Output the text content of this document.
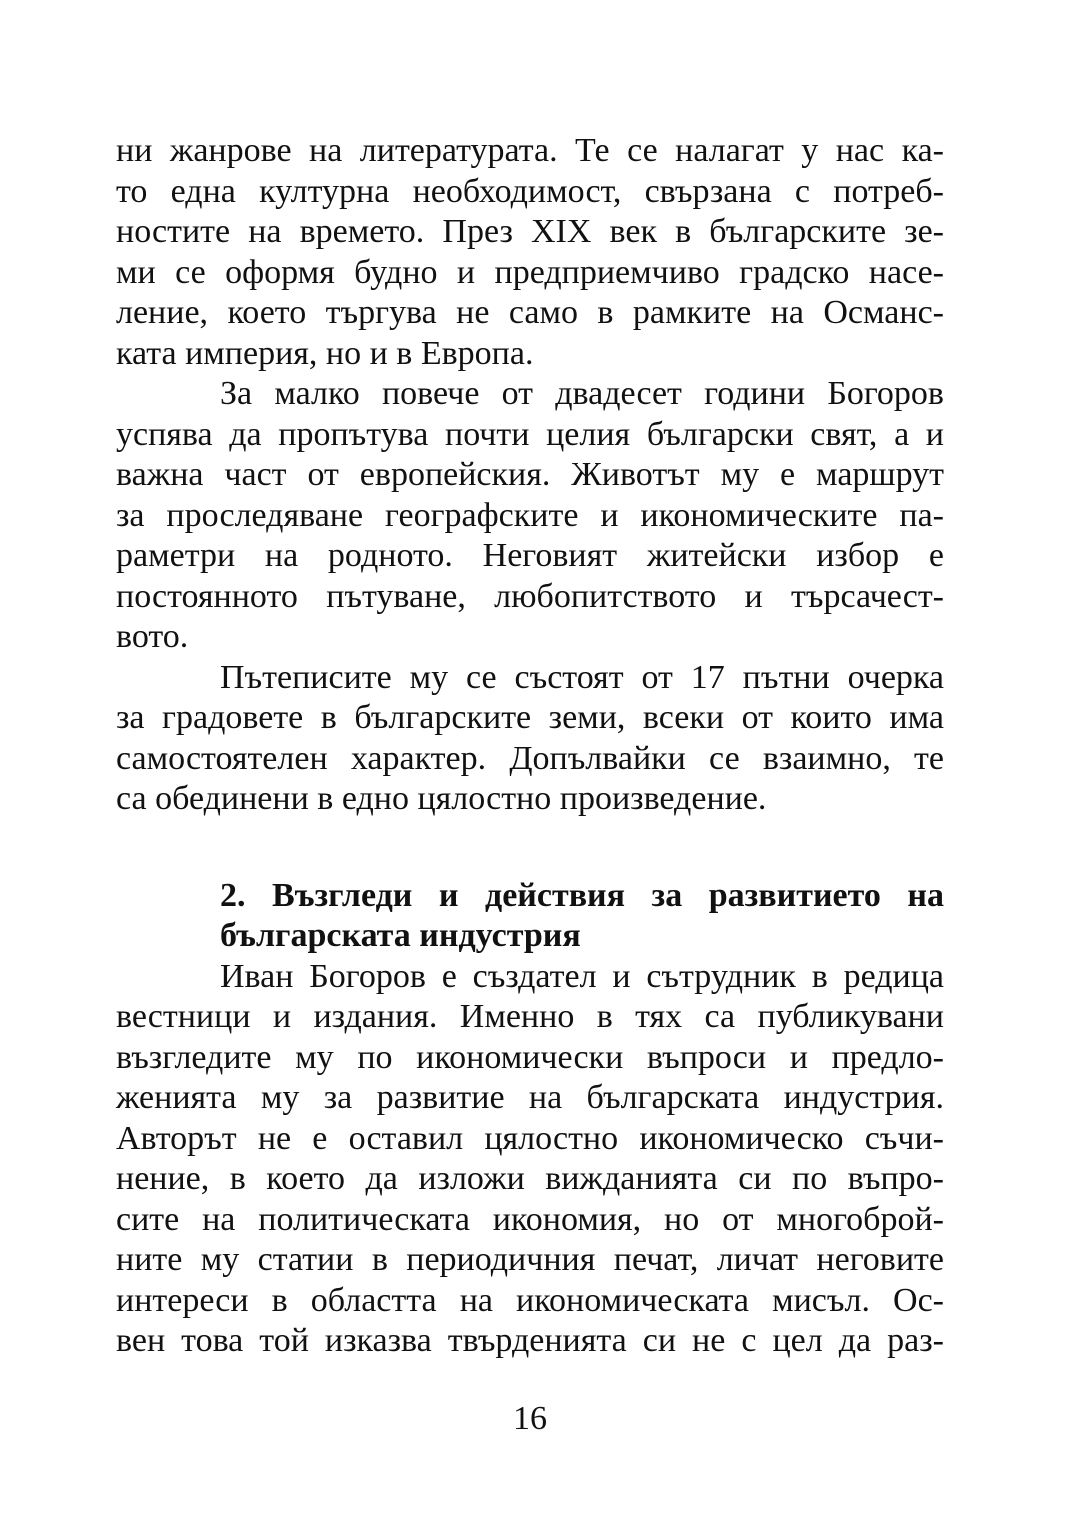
ни жанрове на литературата. Те се налагат у нас ка-
то една културна необходимост, свързана с потреб-
ностите на времето. През XIX век в българските зе-
ми се оформя будно и предприемчиво градско насе-
ление, което търгува не само в рамките на Османс-
ката империя, но и в Европа.
За малко повече от двадесет години Богоров
успява да пропътува почти целия български свят, а и
важна част от европейския. Животът му е маршрут
за проследяване географските и икономическите па-
раметри на родното. Неговият житейски избор е
постоянното пътуване, любопитството и търсачест-
вото.
Пътеписите му се състоят от 17 пътни очерка
за градовете в българските земи, всеки от които има
самостоятелен характер. Допълвайки се взаимно, те
са обединени в едно цялостно произведение.
2. Възгледи и действия за развитието на
българската индустрия
Иван Богоров е създател и сътрудник в редица
вестници и издания. Именно в тях са публикувани
възгледите му по икономически въпроси и предло-
женията му за развитие на българската индустрия.
Авторът не е оставил цялостно икономическо съчи-
нение, в което да изложи вижданията си по въпро-
сите на политическата икономия, но от многоброй-
ните му статии в периодичния печат, личат неговите
интереси в областта на икономическата мисъл. Ос-
вен това той изказва твърденията си не с цел да раз-
16
